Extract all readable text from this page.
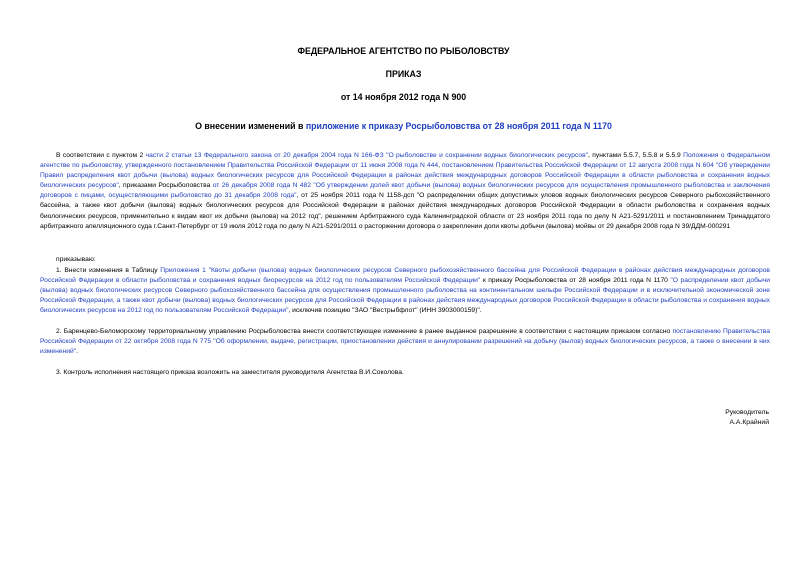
ФЕДЕРАЛЬНОЕ АГЕНТСТВО ПО РЫБОЛОВСТВУ
ПРИКАЗ
от 14 ноября 2012 года N 900
О внесении изменений в приложение к приказу Росрыболовства от 28 ноября 2011 года N 1170
В соответствии с пунктом 2 части 2 статьи 13 Федерального закона от 20 декабря 2004 года N 166-ФЗ "О рыболовстве и сохранении водных биологических ресурсов", пунктами 5.5.7, 5.5.8 и 5.5.9 Положения о Федеральном агентстве по рыболовству, утвержденного постановлением Правительства Российской Федерации от 11 июня 2008 года N 444, постановлением Правительства Российской Федерации от 12 августа 2008 года N 604 "Об утверждении Правил распределения квот добычи (вылова) водных биологических ресурсов для Российской Федерации в районах действия международных договоров Российской Федерации в области рыболовства и сохранения водных биологических ресурсов", приказами Росрыболовства от 26 декабря 2008 года N 482 "Об утверждении долей квот добычи (вылова) водных биологических ресурсов для осуществления промышленного рыболовства и заключения договоров с пицами, осуществляющими рыболовство до 31 декабря 2008 года", от 25 ноября 2011 года N 1158-дсп "О распределении общих допустимых уловов водных биологических ресурсов Северного рыбохозяйственного бассейна, а также квот добычи (вылова) водных биологических ресурсов для Российской Федерации в районах действия международных договоров Российской Федерации в области рыболовства и сохранения водных биологических ресурсов, применительно к видам квот их добычи (вылова) на 2012 год", решением Арбитражного суда Калининградской области от 23 ноября 2011 года по делу N А21-5291/2011 и постановлением Тринадцатого арбитражного апелляционного суда г.Санкт-Петербург от 19 июля 2012 года по делу N А21-5291/2011 о расторжении договора о закреплении доли квоты добычи (вылова) мойвы от 29 декабря 2008 года N 39/ДДМ-000291
приказываю:
1. Внести изменения в Таблицу Приложения 1 "Квоты добычи (вылова) водных биологических ресурсов Северного рыбохозяйственного бассейна для Российской Федерации в районах действия международных договоров Российской Федерации в области рыболовства и сохранения водных биоресурсов на 2012 год по пользователям Российской Федерации" к приказу Росрыболовства от 28 ноября 2011 года N 1170 "О распределении квот добычи (вылова) водных биологических ресурсов Северного рыбохозяйственного бассейна для осуществления промышленного рыболовства на континентальном шельфе Российской Федерации и в исключительной экономической зоне Российской Федерации, а также квот добычи (вылова) водных биологических ресурсов для Российской Федерации в районах действия международных договоров Российской Федерации в области рыболовства и сохранения водных биологических ресурсов на 2012 год по пользователям Российской Федерации", исключив позицию "ЗАО "Вестрыбфлот" (ИНН 3903000159)".
2. Баренцево-Беломорскому территориальному управлению Росрыболовства внести соответствующее изменение в ранее выданное разрешение в соответствии с настоящим приказом согласно постановлению Правительства Российской Федерации от 22 октября 2008 года N 775 "Об оформлении, выдаче, регистрации, приостановлении действия и аннулировании разрешений на добычу (вылов) водных биологических ресурсов, а также о внесении в них изменений".
3. Контроль исполнения настоящего приказа возложить на заместителя руководителя Агентства В.И.Соколова.
Руководитель
А.А.Крайний
